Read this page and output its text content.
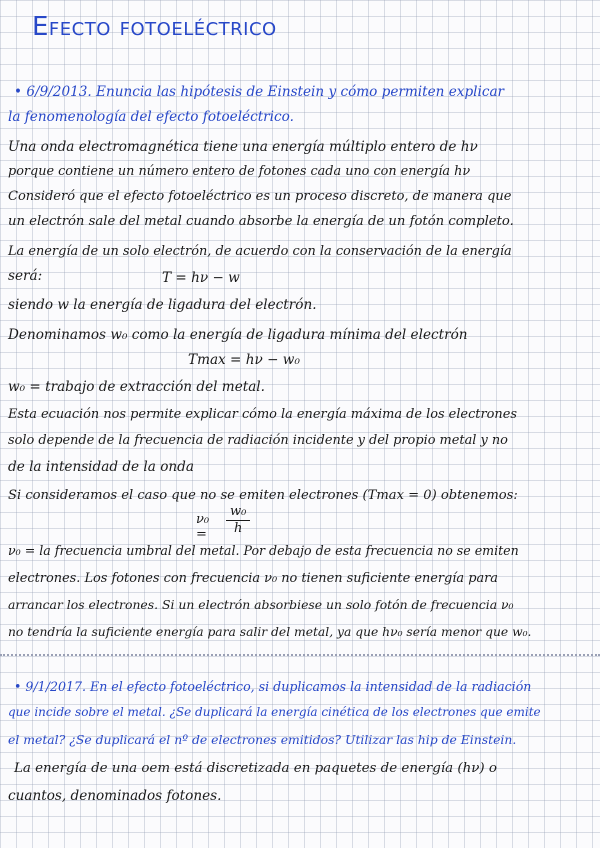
Efecto fotoeléctrico
• 6/9/2013. Enuncia las hipótesis de Einstein y cómo permiten explicar
la fenomenología del efecto fotoeléctrico.
Una onda electromagnética tiene una energía múltiplo entero de hν
porque contiene un número entero de fotones cada uno con energía hν
Consideró que el efecto fotoeléctrico es un proceso discreto, de manera que
un electrón sale del metal cuando absorbe la energía de un fotón completo.
La energía de un solo electrón, de acuerdo con la conservación de la energía
será:	T = hν − w
siendo w la energía de ligadura del electrón.
Denominamos w₀ como la energía de ligadura mínima del electrón
Tmax = hν − w₀
w₀ = trabajo de extracción del metal.
Esta ecuación nos permite explicar cómo la energía máxima de los electrones
solo depende de la frecuencia de radiación incidente y del propio metal y no
de la intensidad de la onda
Si consideramos el caso que no se emiten electrones (Tmax = 0) obtenemos:
ν₀ =
w₀
h
ν₀ = la frecuencia umbral del metal. Por debajo de esta frecuencia no se emiten
electrones. Los fotones con frecuencia ν₀ no tienen suficiente energía para
arrancar los electrones. Si un electrón absorbiese un solo fotón de frecuencia ν₀
no tendría la suficiente energía para salir del metal, ya que hν₀ sería menor que w₀.
• 9/1/2017. En el efecto fotoeléctrico, si duplicamos la intensidad de la radiación
que incide sobre el metal. ¿Se duplicará la energía cinética de los electrones que emite
el metal? ¿Se duplicará el nº de electrones emitidos? Utilizar las hip de Einstein.
La energía de una oem está discretizada en paquetes de energía (hν) o
cuantos, denominados fotones.
